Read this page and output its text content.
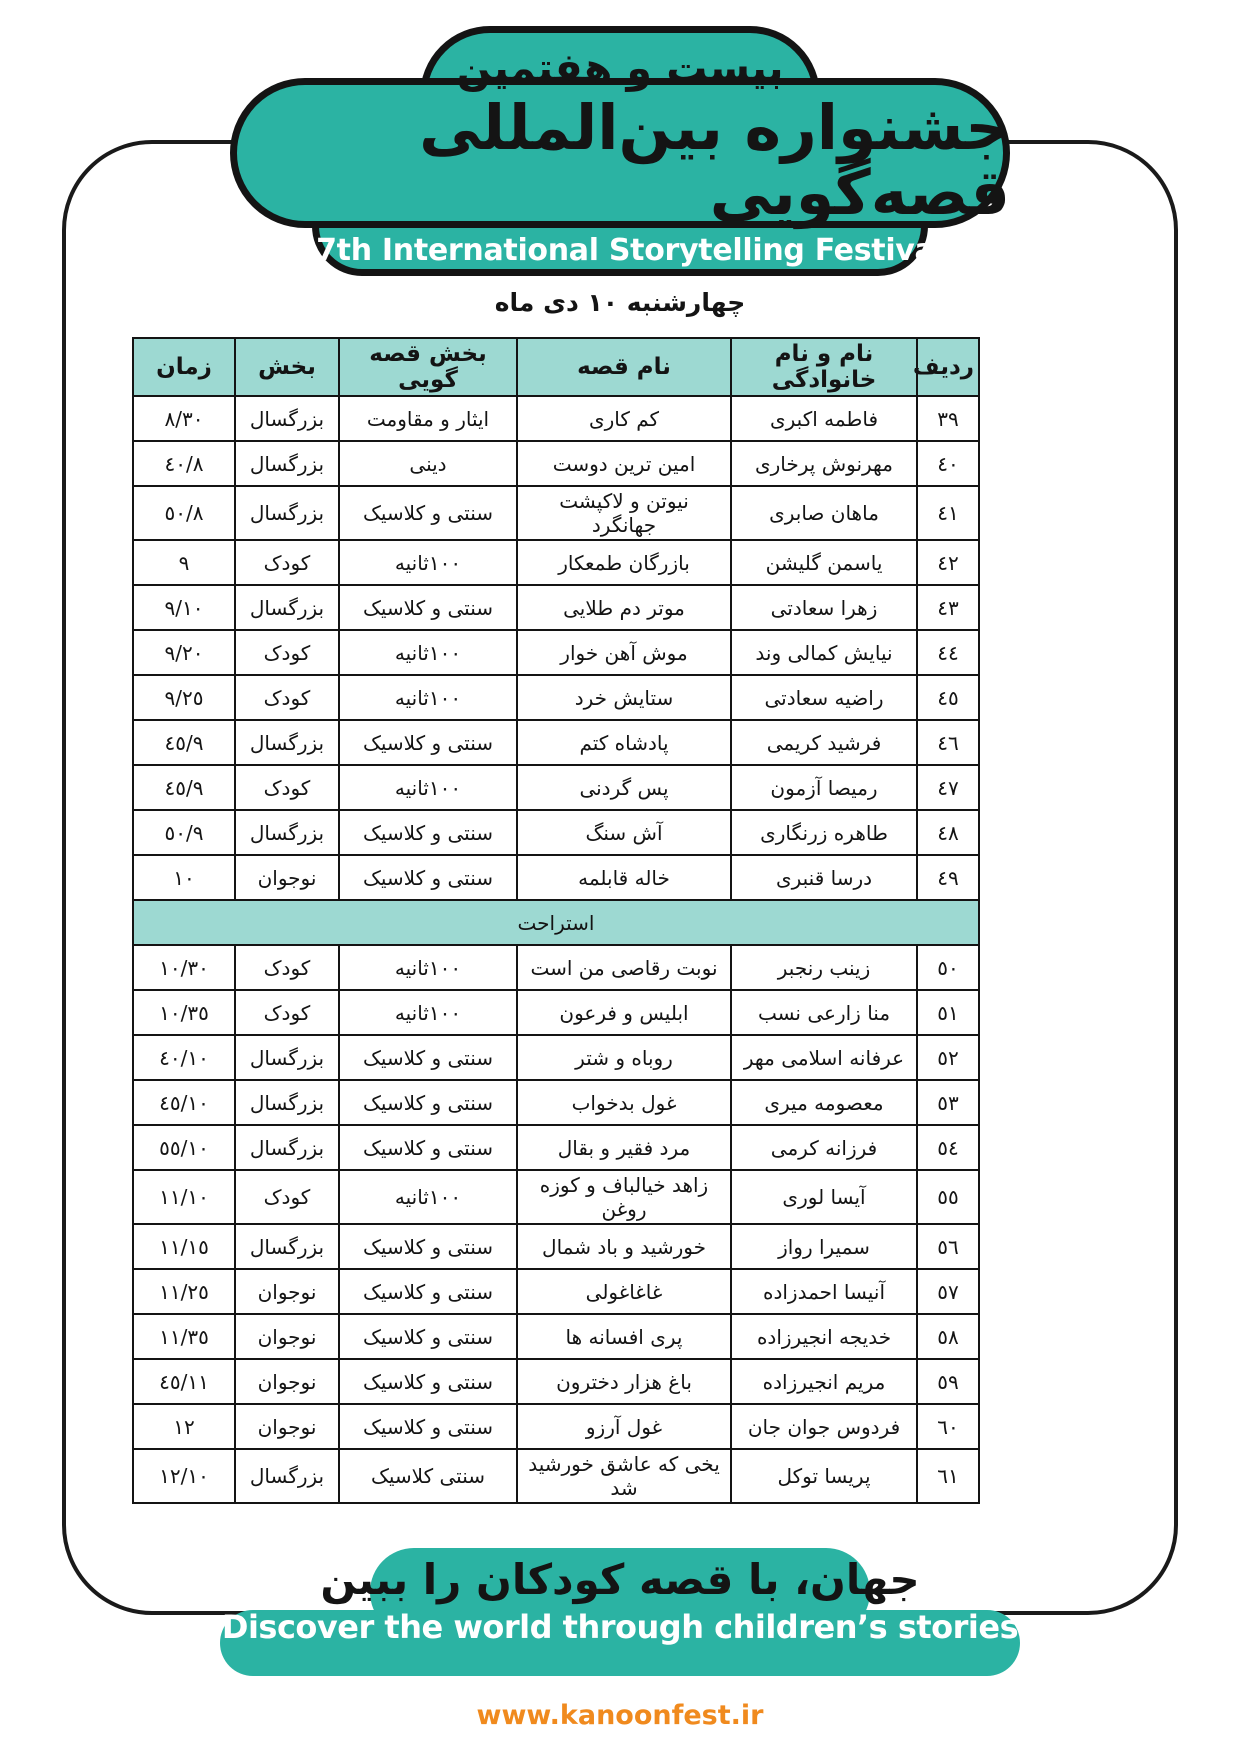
بیست و هفتمین
جشنواره بین‌المللی قصه‌گویی
27th International Storytelling Festival
چهارشنبه ۱۰ دی ماه
ردیف	نام و نام خانوادگی	نام قصه	بخش قصه گویی	بخش	زمان
۳۹	فاطمه اکبری	کم کاری	ایثار و مقاومت	بزرگسال	۸/۳۰
٤۰	مهرنوش پرخاری	امین ترین دوست	دینی	بزرگسال	۸/٤۰
٤۱	ماهان صابری	نیوتن و لاکپشت جهانگرد	سنتی و کلاسیک	بزرگسال	۸/٥۰
٤۲	یاسمن گلیشن	بازرگان طمعکار	۱۰۰ثانیه	کودک	۹
٤۳	زهرا سعادتی	موتر دم طلایی	سنتی و کلاسیک	بزرگسال	۹/۱۰
٤٤	نیایش کمالی وند	موش آهن خوار	۱۰۰ثانیه	کودک	۹/۲۰
٤٥	راضیه سعادتی	ستایش خرد	۱۰۰ثانیه	کودک	۹/۲٥
٤٦	فرشید کریمی	پادشاه کتم	سنتی و کلاسیک	بزرگسال	۹/٤٥
٤۷	رمیصا آزمون	پس گردنی	۱۰۰ثانیه	کودک	۹/٤٥
٤۸	طاهره زرنگاری	آش سنگ	سنتی و کلاسیک	بزرگسال	۹/٥۰
٤۹	درسا قنبری	خاله قابلمه	سنتی و کلاسیک	نوجوان	۱۰
استراحت					
٥۰	زینب رنجبر	نوبت رقاصی من است	۱۰۰ثانیه	کودک	۱۰/۳۰
٥۱	منا زارعی نسب	ابلیس و فرعون	۱۰۰ثانیه	کودک	۱۰/۳٥
٥۲	عرفانه اسلامی مهر	روباه و شتر	سنتی و کلاسیک	بزرگسال	۱۰/٤۰
٥۳	معصومه میری	غول بدخواب	سنتی و کلاسیک	بزرگسال	۱۰/٤٥
٥٤	فرزانه کرمی	مرد فقیر و بقال	سنتی و کلاسیک	بزرگسال	۱۰/٥٥
٥٥	آیسا لوری	زاهد خیالباف و کوزه روغن	۱۰۰ثانیه	کودک	۱۱/۱۰
٥٦	سمیرا رواز	خورشید و باد شمال	سنتی و کلاسیک	بزرگسال	۱۱/۱٥
٥۷	آنیسا احمدزاده	غاغاغولی	سنتی و کلاسیک	نوجوان	۱۱/۲٥
٥۸	خدیجه انجیرزاده	پری افسانه ها	سنتی و کلاسیک	نوجوان	۱۱/۳٥
٥۹	مریم انجیرزاده	باغ هزار دخترون	سنتی و کلاسیک	نوجوان	۱۱/٤٥
٦۰	فردوس جوان جان	غول آرزو	سنتی و کلاسیک	نوجوان	۱۲
٦۱	پریسا توکل	یخی که عاشق خورشید شد	سنتی کلاسیک	بزرگسال	۱۲/۱۰
جهان، با قصه کودکان را ببین
Discover the world through children’s stories
www.kanoonfest.ir
